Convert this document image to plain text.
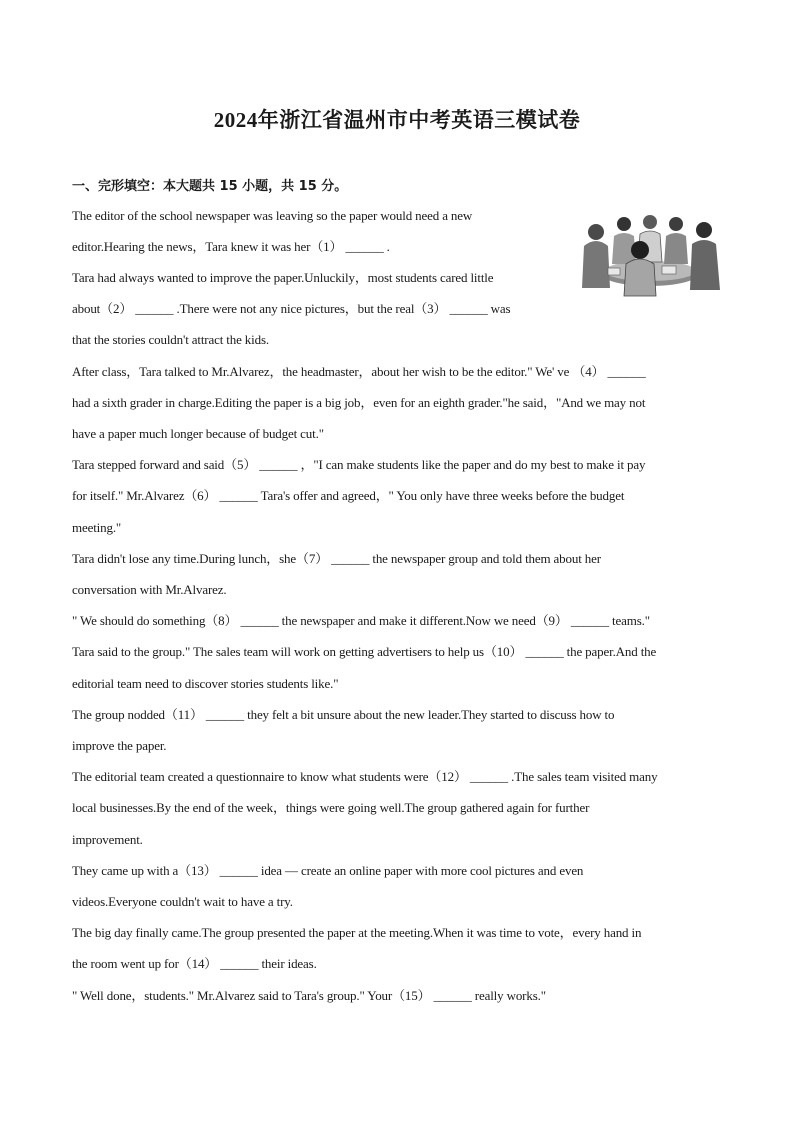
2024年浙江省温州市中考英语三模试卷
一、完形填空：本大题共 15 小题，共 15 分。
The editor of the school newspaper was leaving so the paper would need a new
editor.Hearing the news，Tara knew it was her（1） ______ .
Tara had always wanted to improve the paper.Unluckily，most students cared little
about（2） ______ .There were not any nice pictures，but the real（3） ______ was
that the stories couldn't attract the kids.
After class，Tara talked to Mr.Alvarez，the headmaster，about her wish to be the editor." We' ve （4） ______
had a sixth grader in charge.Editing the paper is a big job，even for an eighth grader."he said，"And we may not
have a paper much longer because of budget cut."
Tara stepped forward and said（5） ______ ，"I can make students like the paper and do my best to make it pay
for itself." Mr.Alvarez（6） ______ Tara's offer and agreed，" You only have three weeks before the budget
meeting."
Tara didn't lose any time.During lunch，she（7） ______ the newspaper group and told them about her
conversation with Mr.Alvarez.
" We should do something（8） ______ the newspaper and make it different.Now we need（9） ______ teams."
Tara said to the group." The sales team will work on getting advertisers to help us（10） ______ the paper.And the
editorial team need to discover stories students like."
The group nodded（11） ______ they felt a bit unsure about the new leader.They started to discuss how to
improve the paper.
The editorial team created a questionnaire to know what students were（12） ______ .The sales team visited many
local businesses.By the end of the week，things were going well.The group gathered again for further
improvement.
They came up with a（13） ______ idea — create an online paper with more cool pictures and even
videos.Everyone couldn't wait to have a try.
The big day finally came.The group presented the paper at the meeting.When it was time to vote，every hand in
the room went up for（14） ______ their ideas.
" Well done，students." Mr.Alvarez said to Tara's group." Your（15） ______ really works."
